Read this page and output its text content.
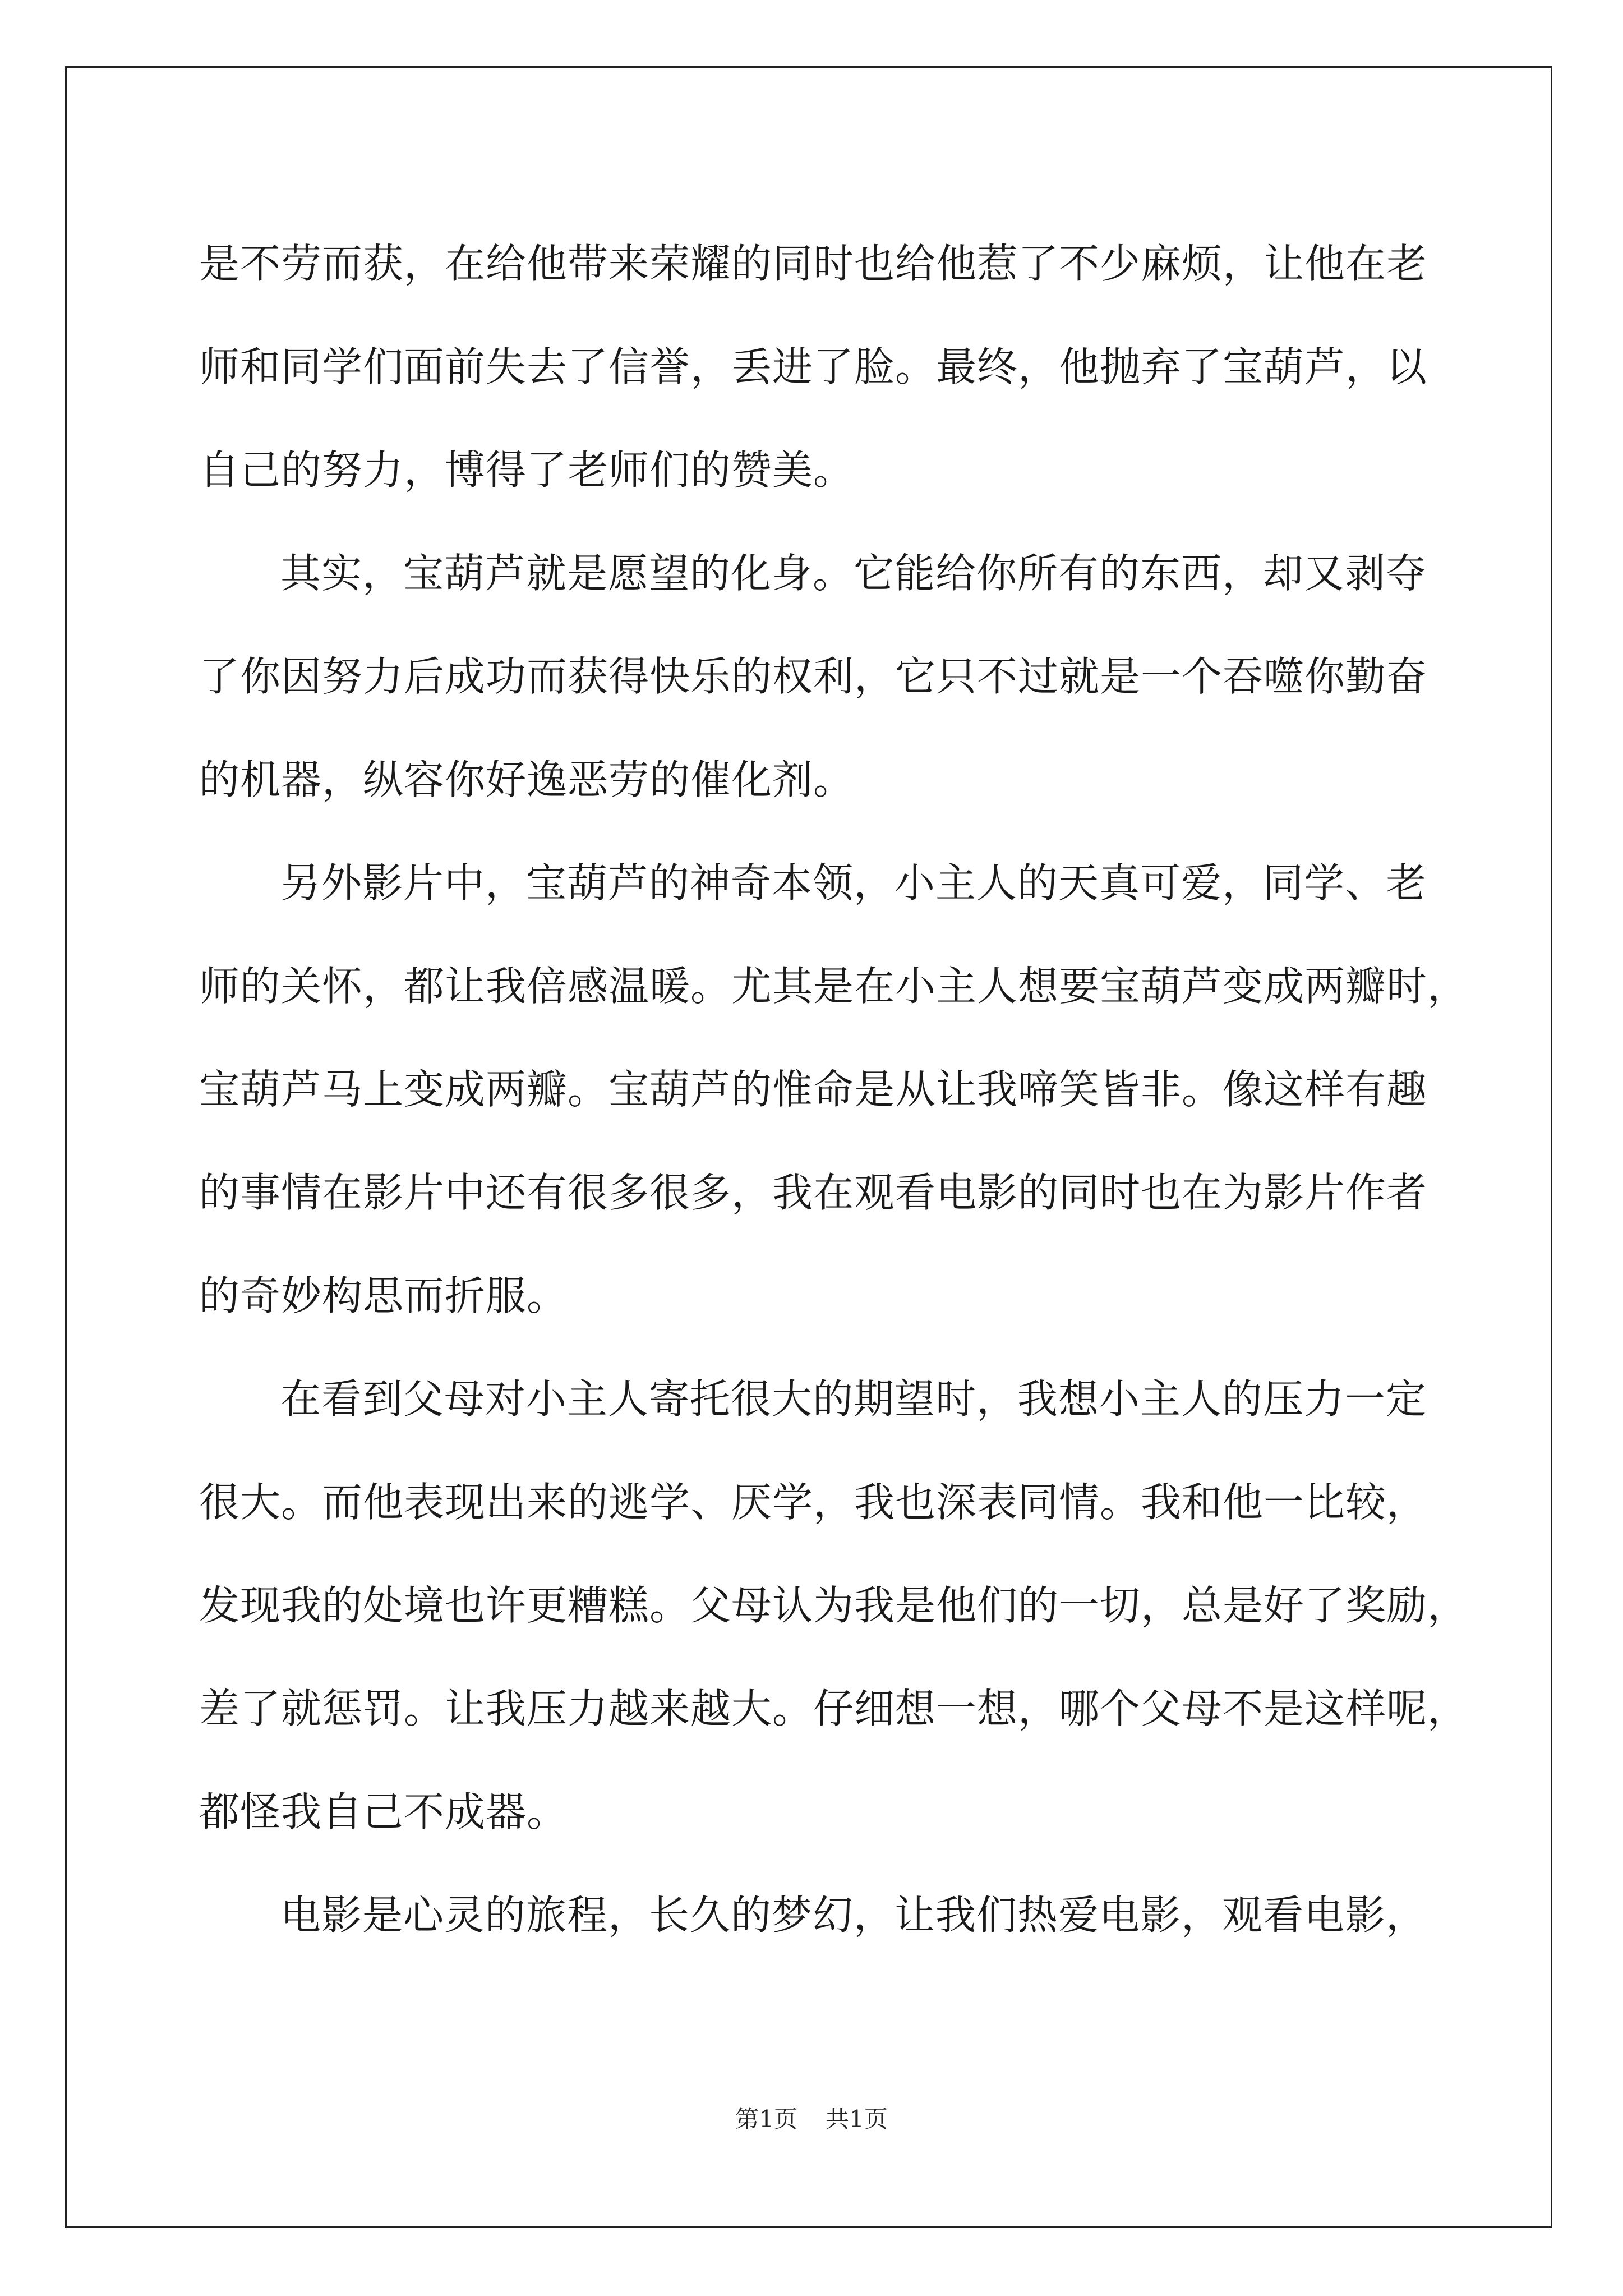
是不劳而获，在给他带来荣耀的同时也给他惹了不少麻烦，让他在老
师和同学们面前失去了信誉，丢进了脸。最终，他抛弃了宝葫芦，以
自己的努力，博得了老师们的赞美。
其实，宝葫芦就是愿望的化身。它能给你所有的东西，却又剥夺
了你因努力后成功而获得快乐的权利，它只不过就是一个吞噬你勤奋
的机器，纵容你好逸恶劳的催化剂。
另外影片中，宝葫芦的神奇本领，小主人的天真可爱，同学、老
师的关怀，都让我倍感温暖。尤其是在小主人想要宝葫芦变成两瓣时，
宝葫芦马上变成两瓣。宝葫芦的惟命是从让我啼笑皆非。像这样有趣
的事情在影片中还有很多很多，我在观看电影的同时也在为影片作者
的奇妙构思而折服。
在看到父母对小主人寄托很大的期望时，我想小主人的压力一定
很大。而他表现出来的逃学、厌学，我也深表同情。我和他一比较，
发现我的处境也许更糟糕。父母认为我是他们的一切，总是好了奖励，
差了就惩罚。让我压力越来越大。仔细想一想，哪个父母不是这样呢，
都怪我自己不成器。
电影是心灵的旅程，长久的梦幻，让我们热爱电影，观看电影，
第1页 共1页
